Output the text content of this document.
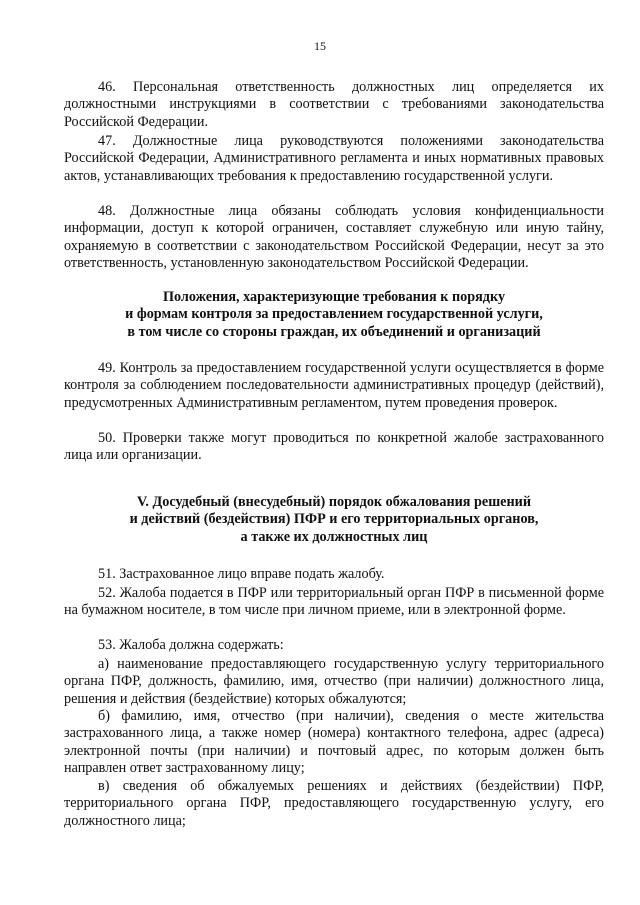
15

46. Персональная ответственность должностных лиц определяется их должностными инструкциями в соответствии с требованиями законодательства Российской Федерации.

47. Должностные лица руководствуются положениями законодательства Российской Федерации, Административного регламента и иных нормативных правовых актов, устанавливающих требования к предоставлению государственной услуги.

48. Должностные лица обязаны соблюдать условия конфиденциальности информации, доступ к которой ограничен, составляет служебную или иную тайну, охраняемую в соответствии с законодательством Российской Федерации, несут за это ответственность, установленную законодательством Российской Федерации.

Положения, характеризующие требования к порядку
и формам контроля за предоставлением государственной услуги,
в том числе со стороны граждан, их объединений и организаций

49. Контроль за предоставлением государственной услуги осуществляется в форме контроля за соблюдением последовательности административных процедур (действий), предусмотренных Административным регламентом, путем проведения проверок.

50. Проверки также могут проводиться по конкретной жалобе застрахованного лица или организации.

V. Досудебный (внесудебный) порядок обжалования решений
и действий (бездействия) ПФР и его территориальных органов,
а также их должностных лиц

51. Застрахованное лицо вправе подать жалобу.

52. Жалоба подается в ПФР или территориальный орган ПФР в письменной форме на бумажном носителе, в том числе при личном приеме, или в электронной форме.

53. Жалоба должна содержать:

а) наименование предоставляющего государственную услугу территориального органа ПФР, должность, фамилию, имя, отчество (при наличии) должностного лица, решения и действия (бездействие) которых обжалуются;

б) фамилию, имя, отчество (при наличии), сведения о месте жительства застрахованного лица, а также номер (номера) контактного телефона, адрес (адреса) электронной почты (при наличии) и почтовый адрес, по которым должен быть направлен ответ застрахованному лицу;

в) сведения об обжалуемых решениях и действиях (бездействии) ПФР, территориального органа ПФР, предоставляющего государственную услугу, его должностного лица;
